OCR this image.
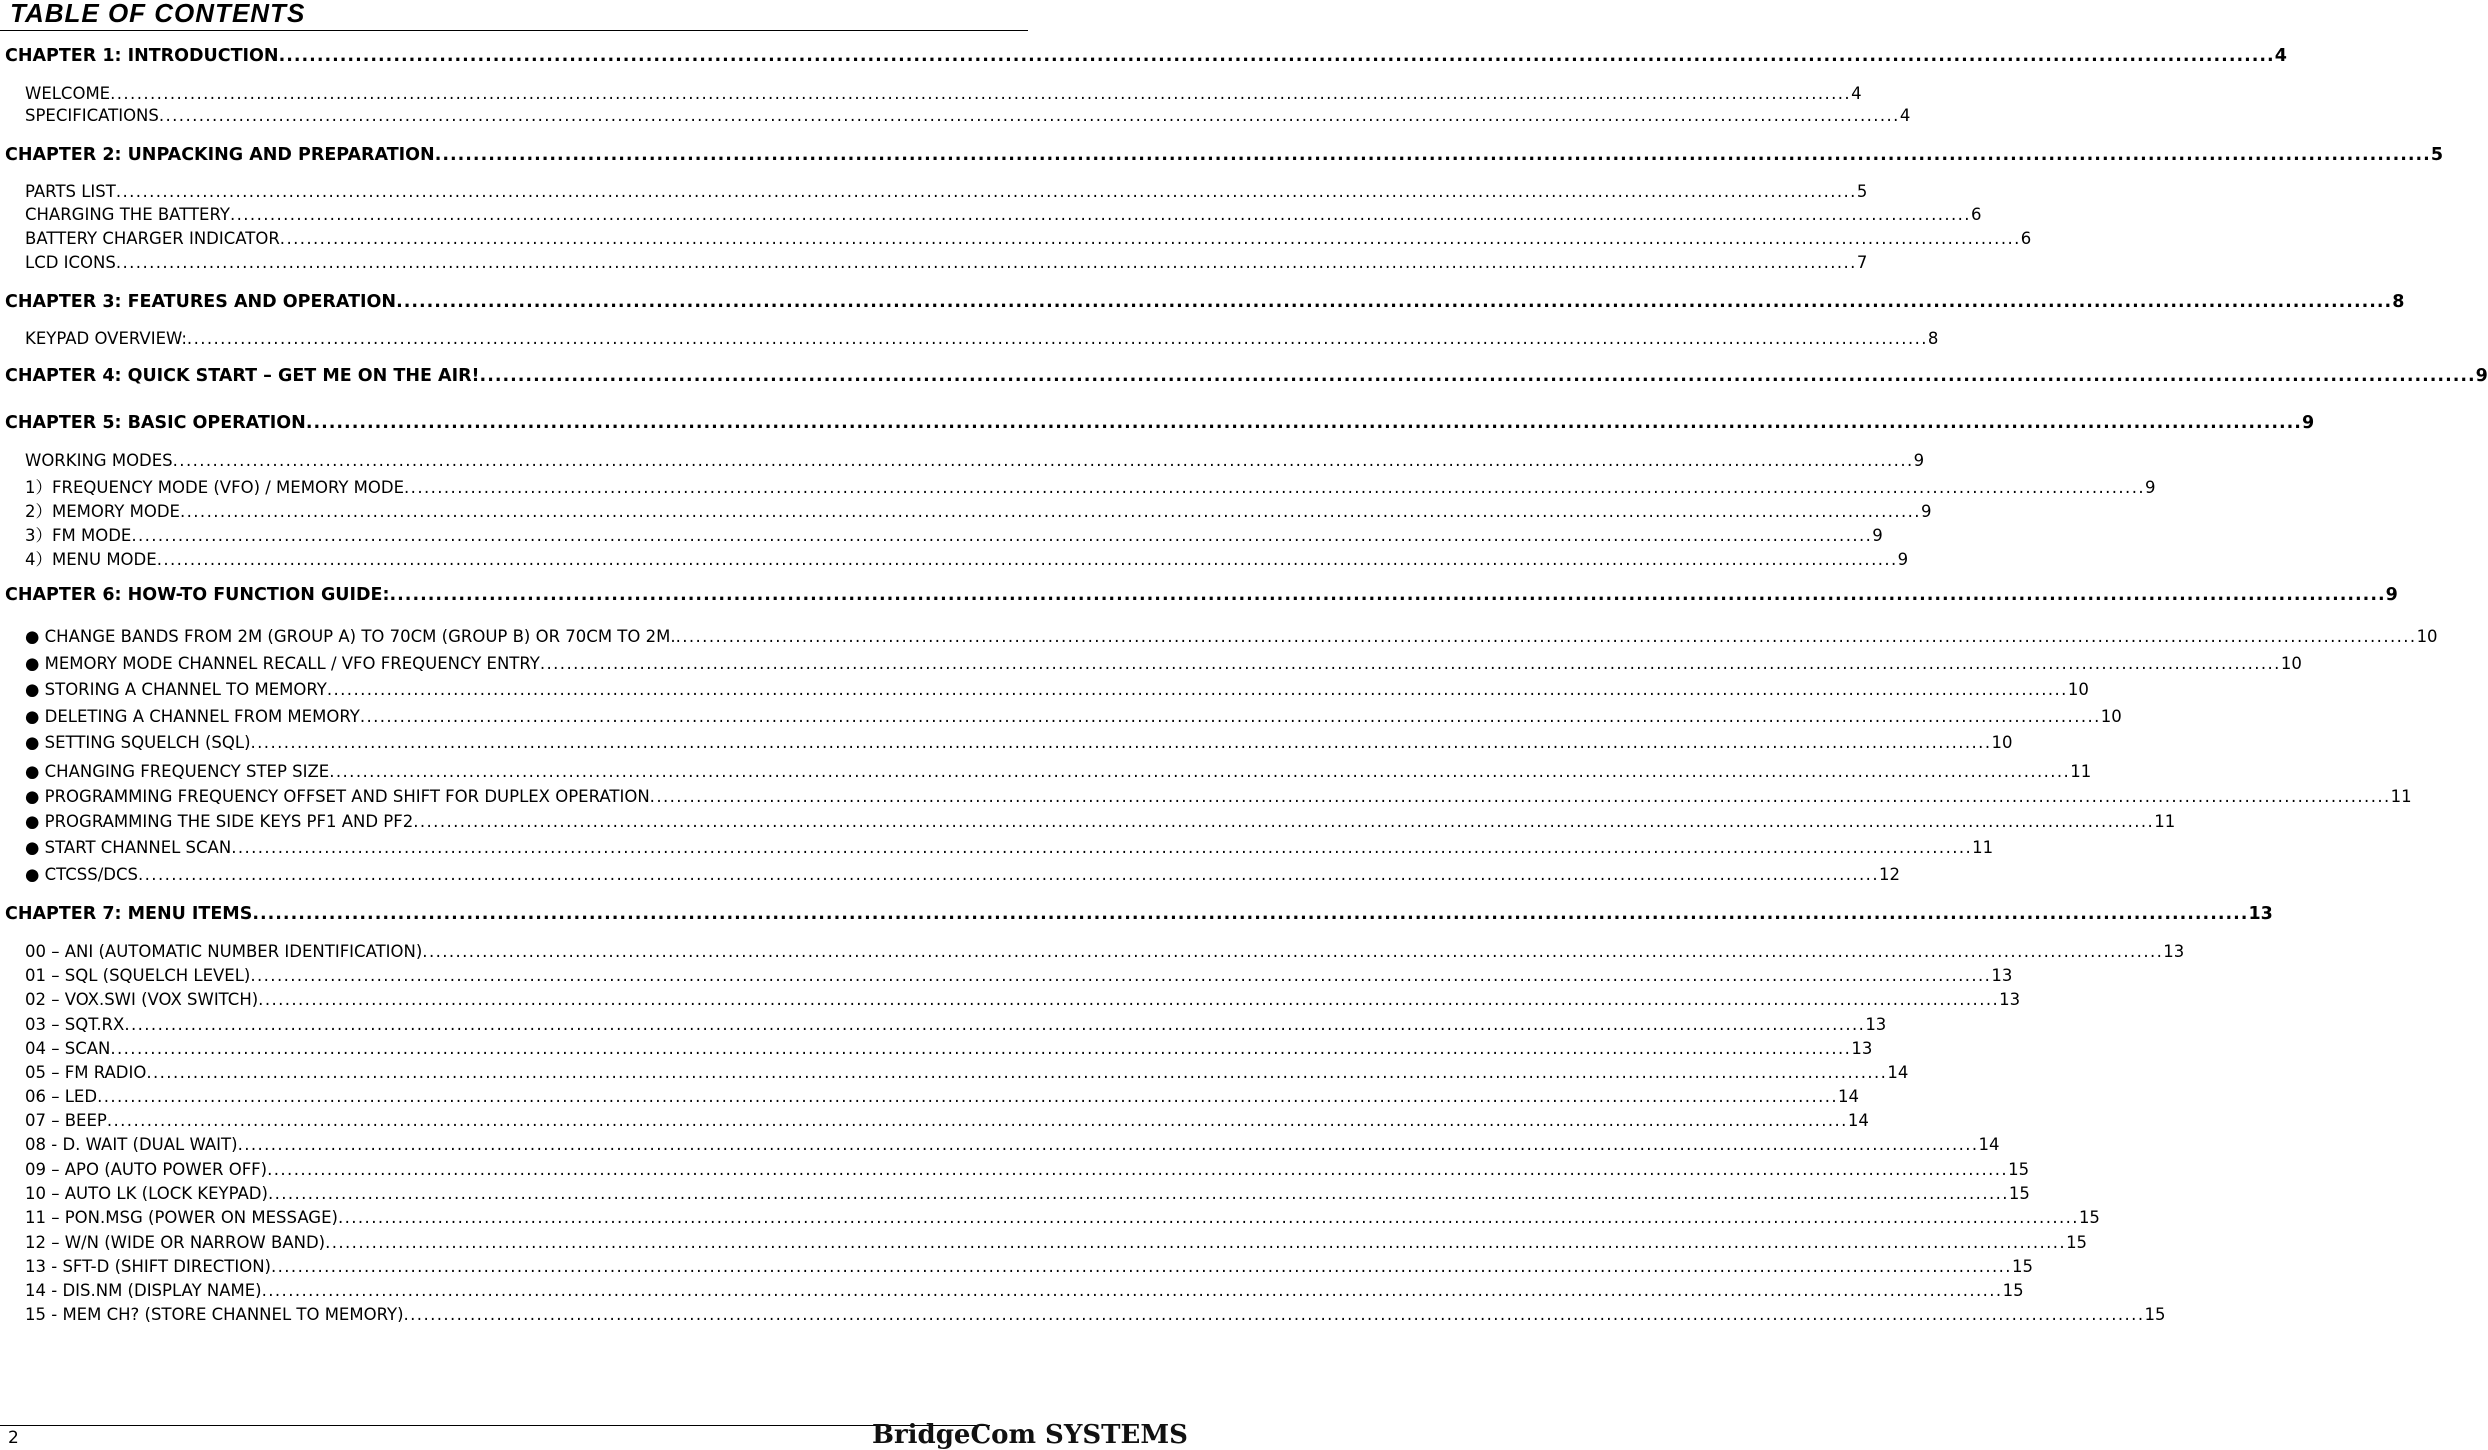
TABLE OF CONTENTS
CHAPTER 1: INTRODUCTION .....	4
WELCOME .....	4
SPECIFICATIONS .....	4
CHAPTER 2: UNPACKING AND PREPARATION .....	5
PARTS LIST .....	5
CHARGING THE BATTERY .....	6
BATTERY CHARGER INDICATOR .....	6
LCD ICONS .....	7
CHAPTER 3: FEATURES AND OPERATION .....	8
KEYPAD OVERVIEW: .....	8
CHAPTER 4: QUICK START – GET ME ON THE AIR! .....	9
CHAPTER 5: BASIC OPERATION .....	9
WORKING MODES .....	9
1）FREQUENCY MODE (VFO) / MEMORY MODE .....	9
2）MEMORY MODE .....	9
3）FM MODE .....	9
4）MENU MODE .....	9
CHAPTER 6: HOW-TO FUNCTION GUIDE: .....	9
● CHANGE BANDS FROM 2M (GROUP A) TO 70CM (GROUP B) OR 70CM TO 2M. .....	10
● MEMORY MODE CHANNEL RECALL / VFO FREQUENCY ENTRY .....	10
● STORING A CHANNEL TO MEMORY .....	10
● DELETING A CHANNEL FROM MEMORY .....	10
● SETTING SQUELCH (SQL) .....	10
● CHANGING FREQUENCY STEP SIZE .....	11
● PROGRAMMING FREQUENCY OFFSET AND SHIFT FOR DUPLEX OPERATION .....	11
● PROGRAMMING THE SIDE KEYS PF1 AND PF2 .....	11
● START CHANNEL SCAN .....	11
● CTCSS/DCS .....	12
CHAPTER 7: MENU ITEMS .....	13
00 – ANI (AUTOMATIC NUMBER IDENTIFICATION) .....	13
01 – SQL (SQUELCH LEVEL) .....	13
02 – VOX.SWI (VOX SWITCH) .....	13
03 – SQT.RX .....	13
04 – SCAN .....	13
05 – FM RADIO .....	14
06 – LED .....	14
07 – BEEP .....	14
08 - D. WAIT (DUAL WAIT) .....	14
09 – APO (AUTO POWER OFF) .....	15
10 – AUTO LK (LOCK KEYPAD) .....	15
11 – PON.MSG (POWER ON MESSAGE) .....	15
12 – W/N (WIDE OR NARROW BAND) .....	15
13 - SFT-D (SHIFT DIRECTION) .....	15
14 - DIS.NM (DISPLAY NAME) .....	15
15 - MEM CH? (STORE CHANNEL TO MEMORY) .....	15
2	BridgeCom SYSTEMS
